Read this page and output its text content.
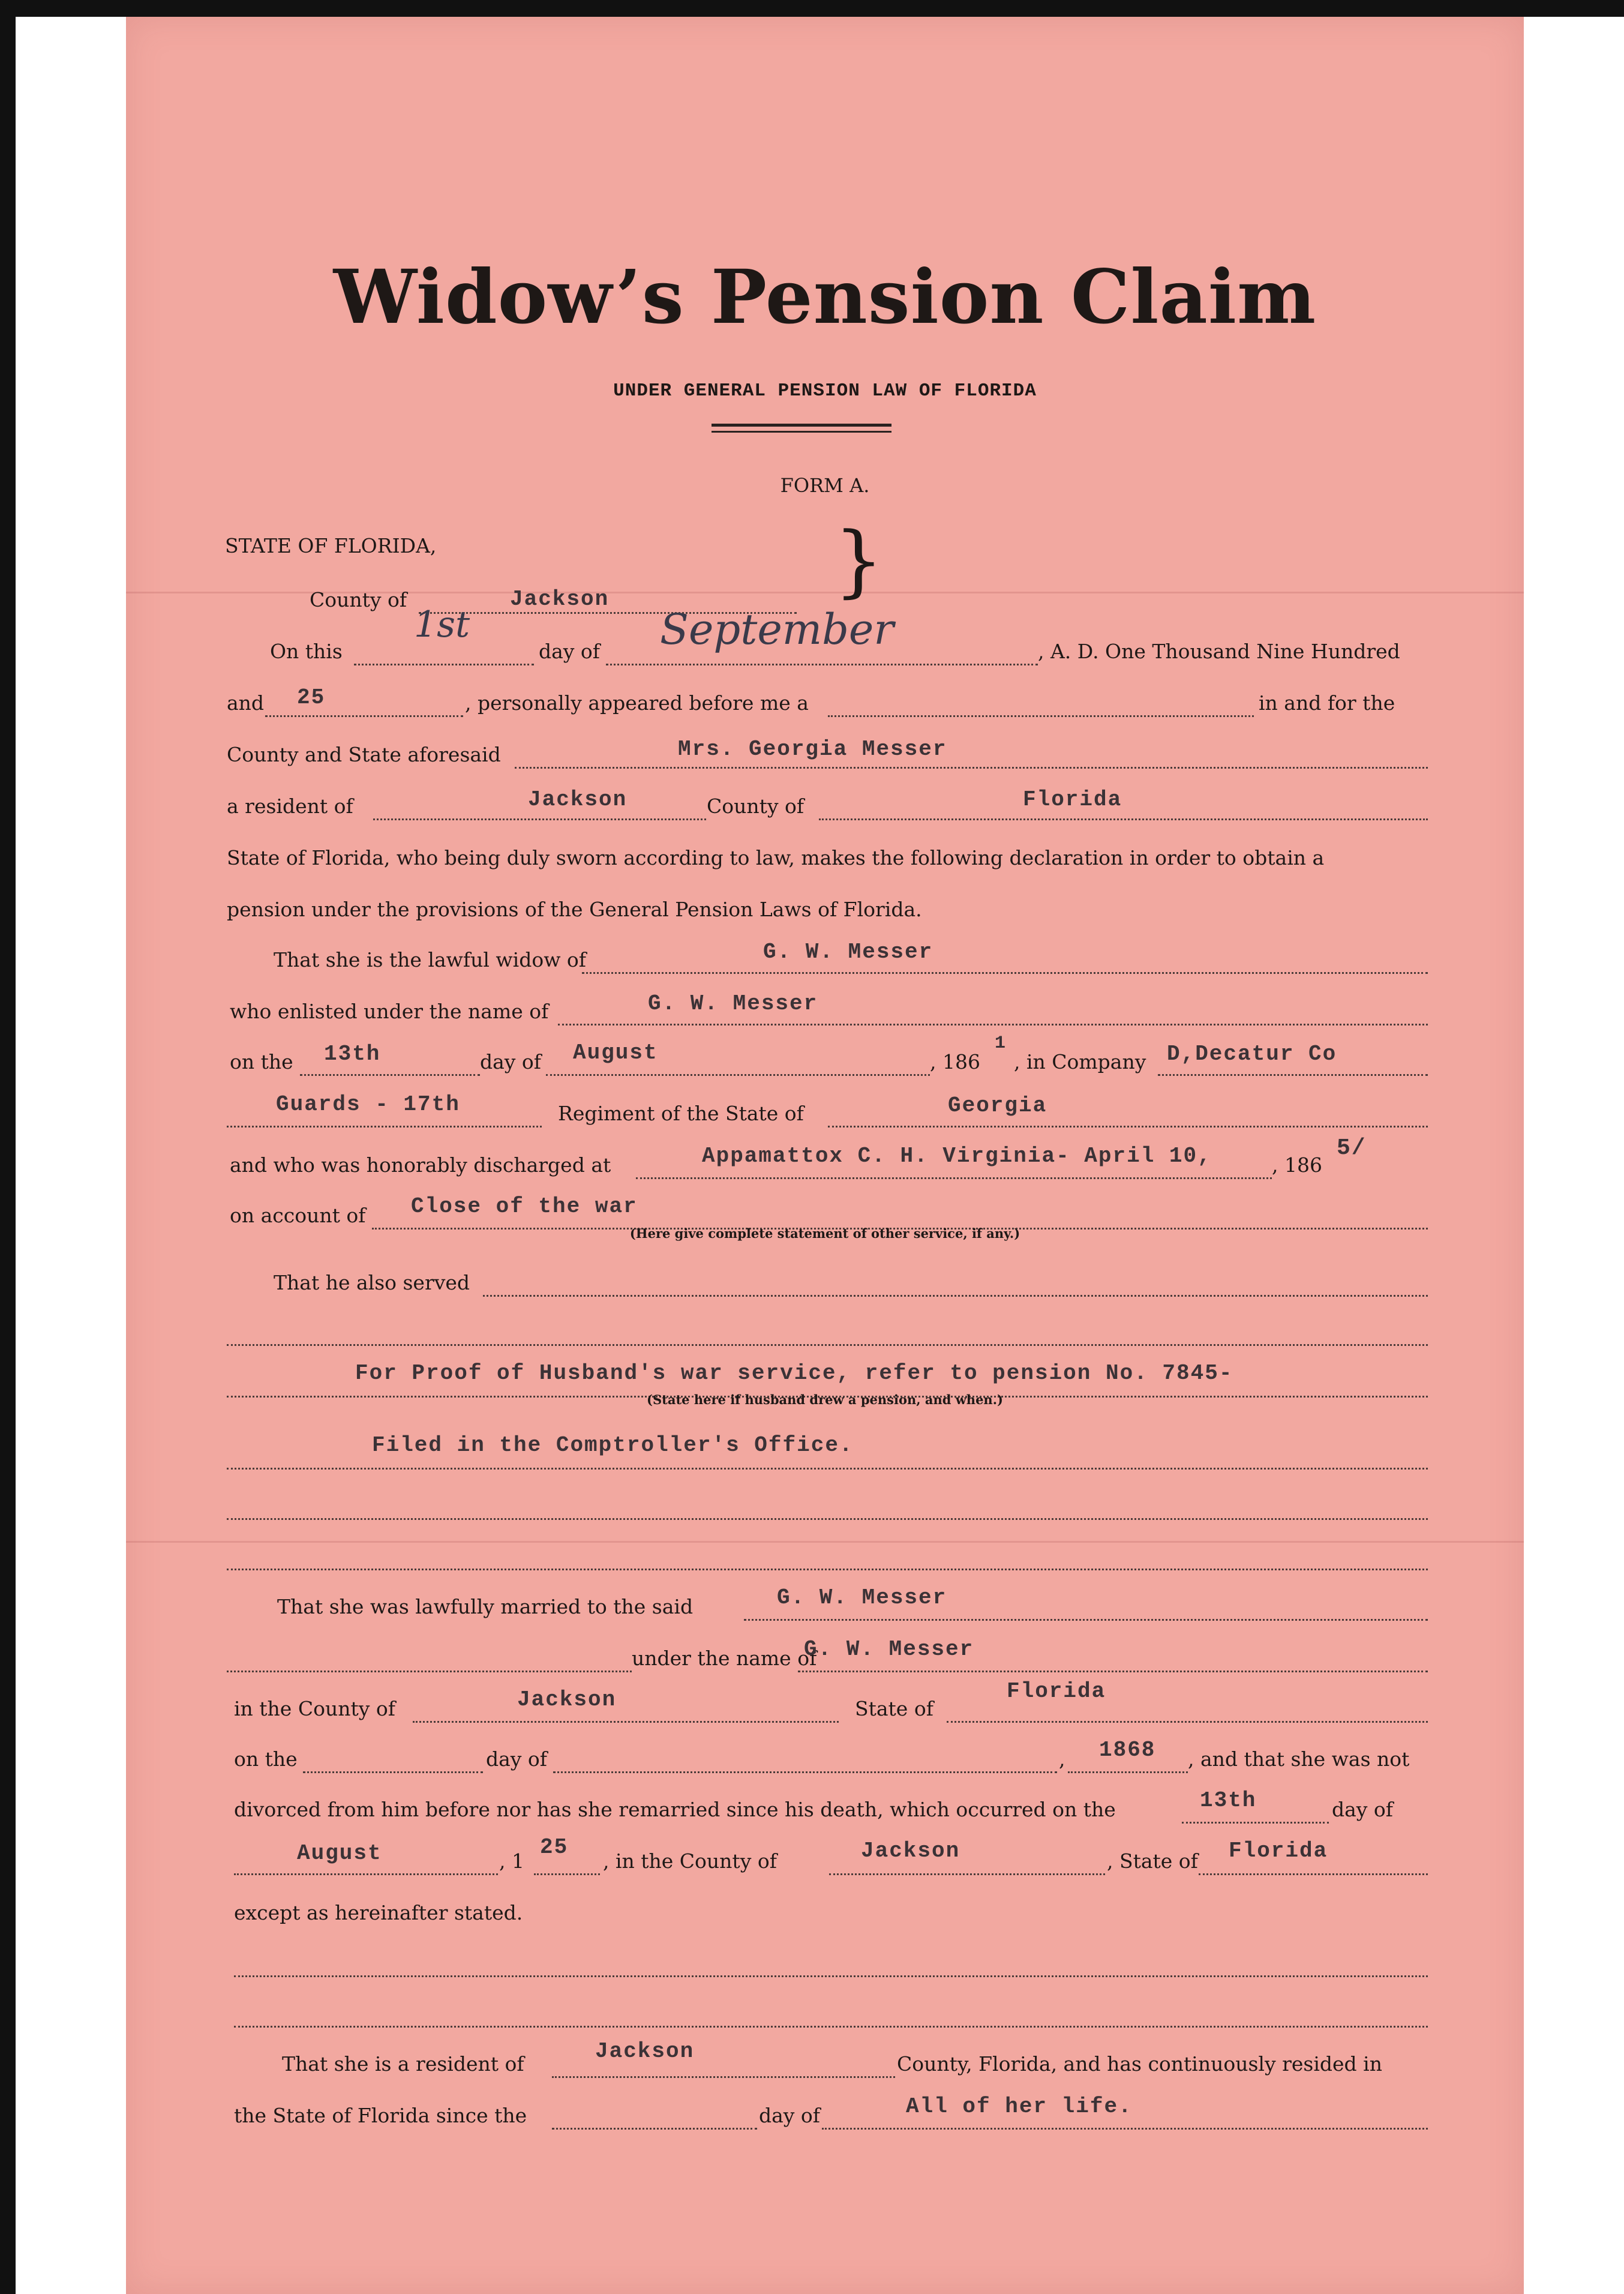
Widow’s Pension Claim
UNDER GENERAL PENSION LAW OF FLORIDA
FORM A.
STATE OF FLORIDA,	}
County of	Jackson
On this
1st
day of September	, A. D. One Thousand Nine Hundred
and 25	, personally appeared before me a	in and for the
County and State aforesaid	Mrs. Georgia Messer
a resident of	Jackson	County of	Florida
State of Florida, who being duly sworn according to law, makes the following declaration in order to obtain a
pension under the provisions of the General Pension Laws of Florida.
That she is the lawful widow of	G. W. Messer
who enlisted under the name of	G. W. Messer
on the 13th	day of August	, 186
1
, in Company D,Decatur Co
Guards - 17th	Regiment of the State of	Georgia
and who was honorably discharged at	Appamattox C. H. Virginia- April 10,	, 186
5/
on account of Close of the war
(Here give complete statement of other service, if any.)
That he also served
For Proof of Husband's war service, refer to pension No. 7845-
(State here if husband drew a pension, and when.)
Filed in the Comptroller's Office.
That she was lawfully married to the said	G. W. Messer
under the name of
G. W. Messer
in the County of	Jackson	State of
Florida
on the	day of	, 1868 , and that she was not
divorced from him before nor has she remarried since his death, which occurred on the	13th	day of
August	, 1
25
, in the County of	Jackson	, State of Florida
except as hereinafter stated.
That she is a resident of
Jackson
County, Florida, and has continuously resided in
the State of Florida since the	day of	All of her life.
